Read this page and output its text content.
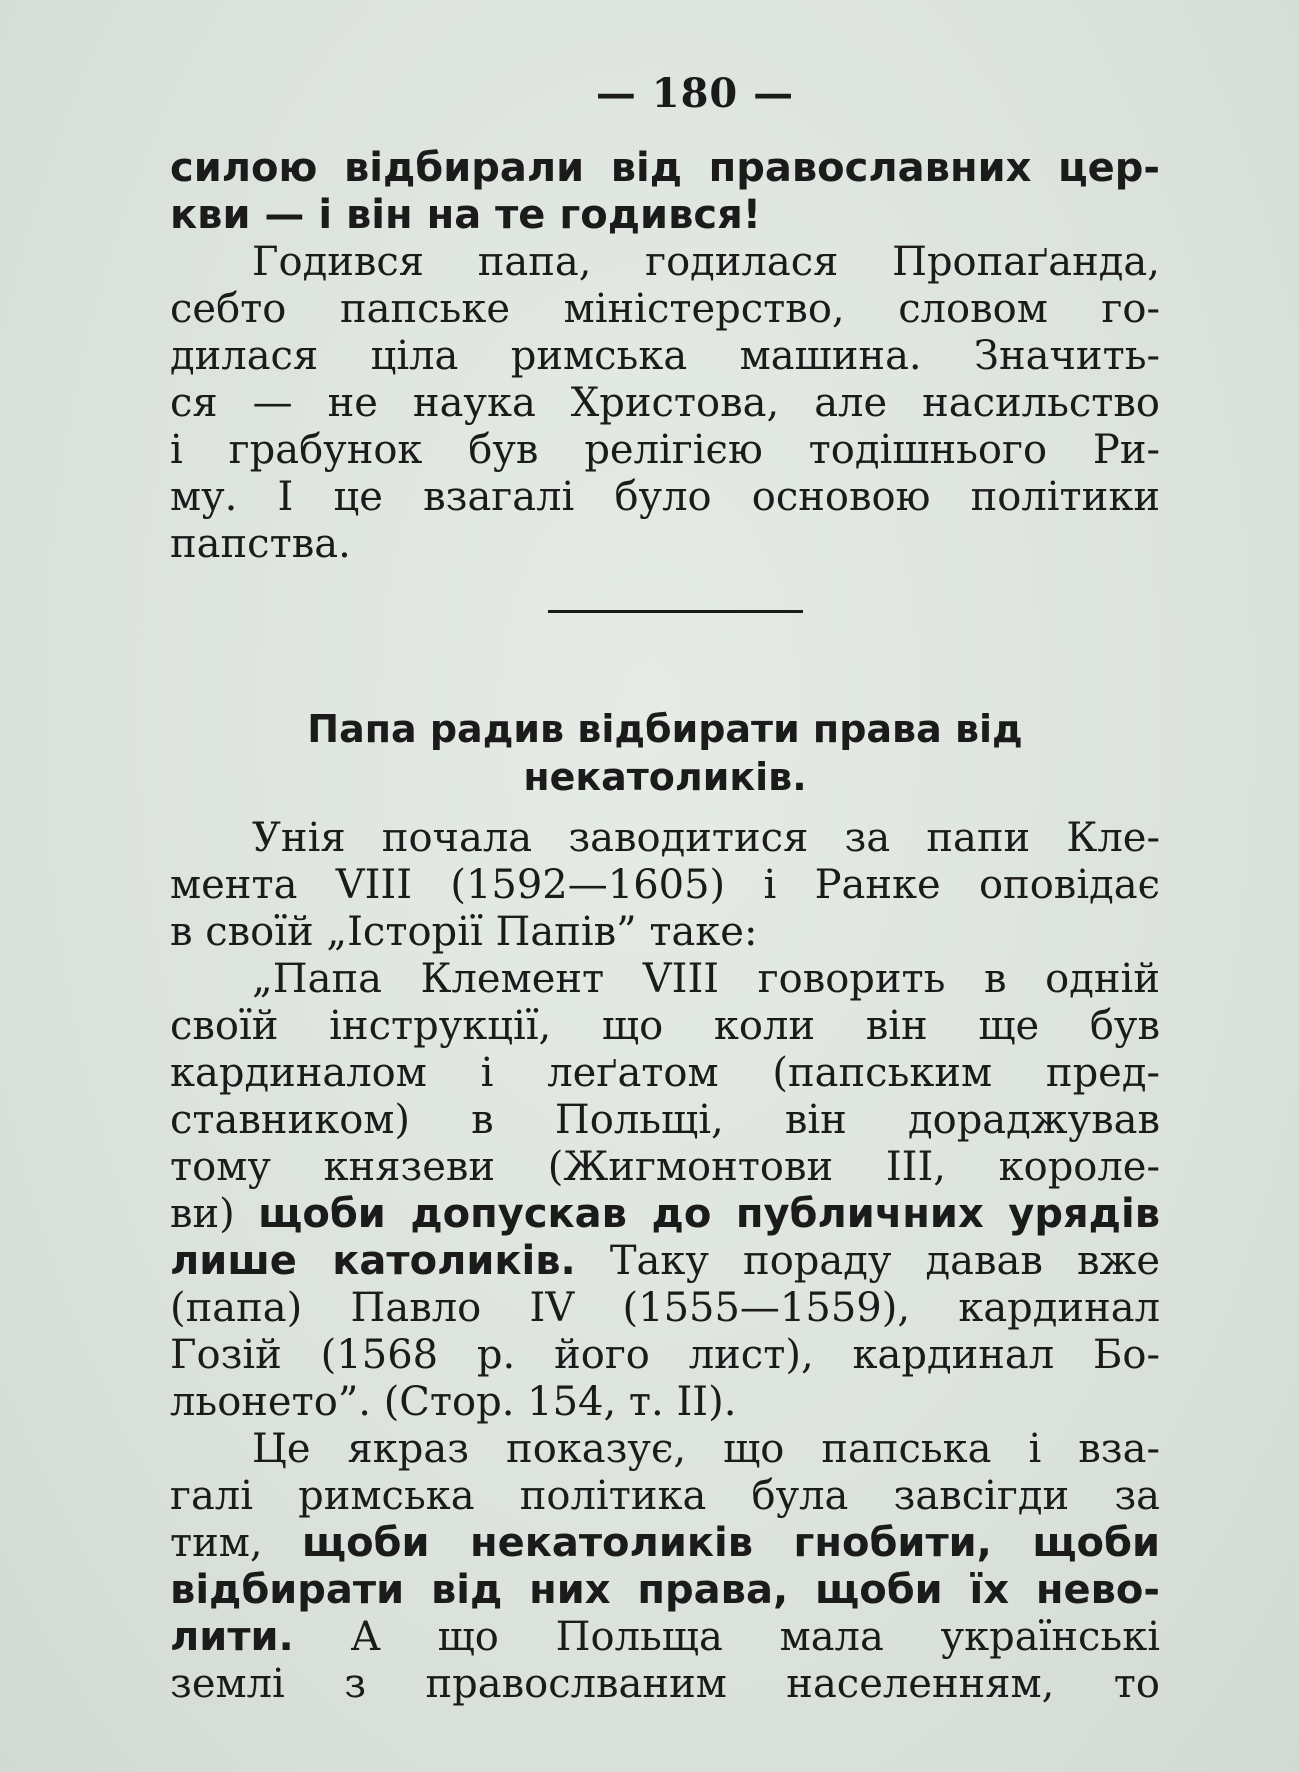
— 180 —
силою відбирали від православних цер-
кви — і він на те годився!
Годився папа, годилася Пропаґанда,
себто папське міністерство, словом го-
дилася ціла римська машина. Значить-
ся — не наука Христова, але насильство
і грабунок був релігією тодішнього Ри-
му. І це взагалі було основою політики
папства.
Папа радив відбирати права від
некатоликів.
Унія почала заводитися за папи Кле-
мента VIII (1592—1605) і Ранке оповідає
в своїй „Історії Папів” таке:
„Папа Клемент VIII говорить в одній
своїй інструкції, що коли він ще був
кардиналом і леґатом (папським пред-
ставником) в Польщі, він дораджував
тому князеви (Жигмонтови III, короле-
ви) щоби допускав до публичних урядів
лише католиків. Таку пораду давав вже
(папа) Павло IV (1555—1559), кардинал
Гозій (1568 р. його лист), кардинал Бо-
льонето”. (Стор. 154, т. II).
Це якраз показує, що папська і вза-
галі римська політика була завсігди за
тим, щоби некатоликів гнобити, щоби
відбирати від них права, щоби їх нево-
лити. А що Польща мала українські
землі з правослваним населенням, то
